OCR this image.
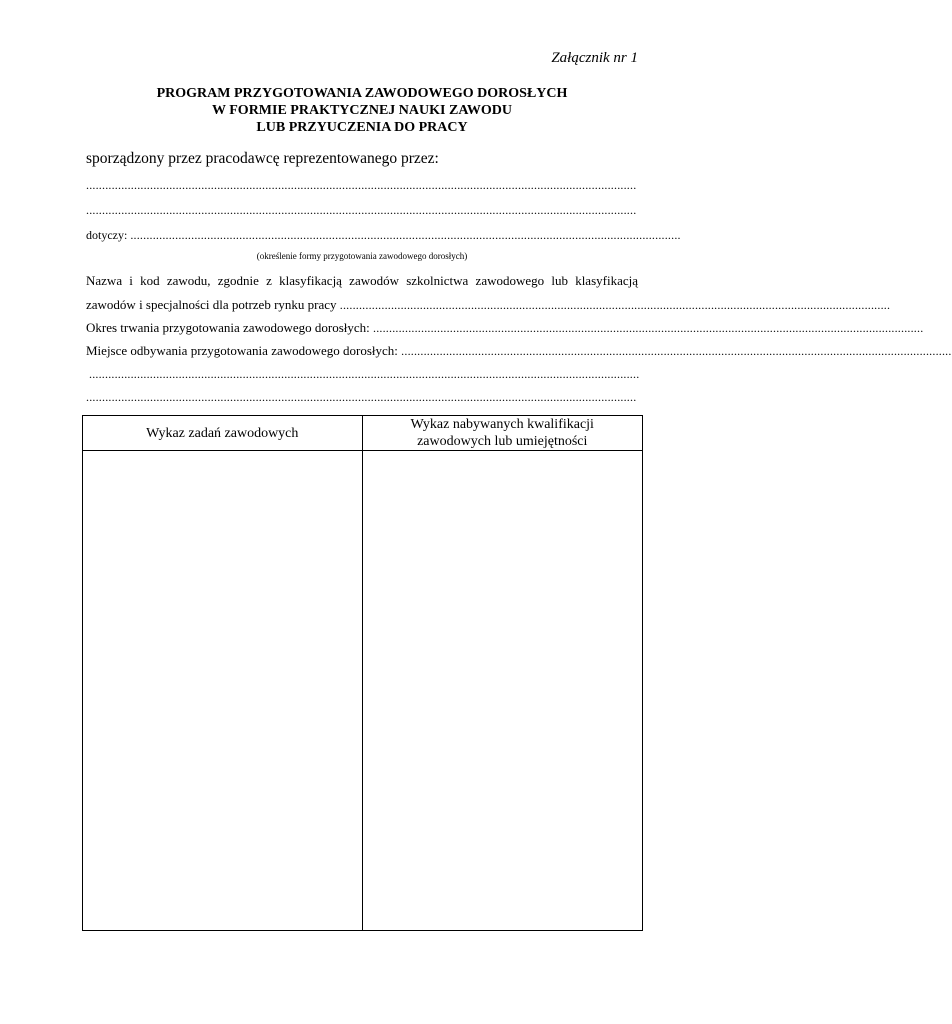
Załącznik nr 1
PROGRAM PRZYGOTOWANIA ZAWODOWEGO DOROSŁYCH
W FORMIE PRAKTYCZNEJ NAUKI ZAWODU
LUB PRZYUCZENIA DO PRACY
sporządzony przez pracodawcę reprezentowanego przez:
............................................................................................................................................................................
............................................................................................................................................................................
dotyczy: ............................................................................................................................................................................
(określenie formy przygotowania zawodowego dorosłych)
Nazwa i kod zawodu, zgodnie z klasyfikacją zawodów szkolnictwa zawodowego lub klasyfikacją
zawodów i specjalności dla potrzeb rynku pracy ............................................................................................................................................................................
Okres trwania przygotowania zawodowego dorosłych: ............................................................................................................................................................................
Miejsce odbywania przygotowania zawodowego dorosłych: ............................................................................................................................................................................
............................................................................................................................................................................
............................................................................................................................................................................
Wykaz zadań zawodowych	Wykaz nabywanych kwalifikacji
zawodowych lub umiejętności
